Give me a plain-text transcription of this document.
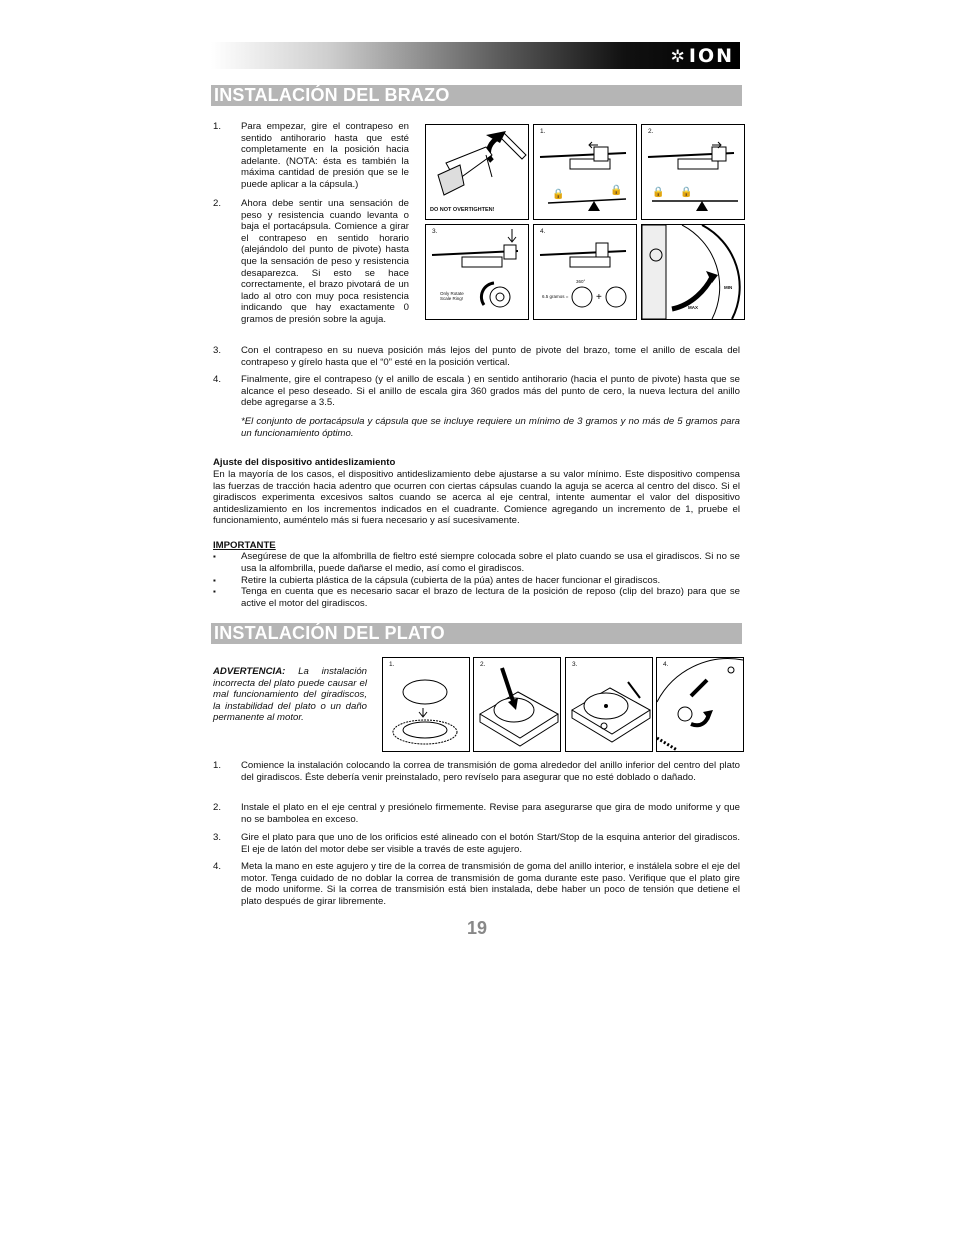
✲ ION
INSTALACIÓN DEL BRAZO
1. Para empezar, gire el contrapeso en sentido antihorario hasta que esté completamente en la posición hacia adelante. (NOTA: ésta es también la máxima cantidad de presión que se le puede aplicar a la cápsula.)
2. Ahora debe sentir una sensación de peso y resistencia cuando levanta o baja el portacápsula. Comience a girar el contrapeso en sentido horario (alejándolo del punto de pivote) hasta que la sensación de peso y resistencia desaparezca. Si esto se hace correctamente, el brazo pivotará de un lado al otro con muy poca resistencia indicando que hay exactamente 0 gramos de presión sobre la aguja.
DO NOT OVERTIGHTEN!
1.
🔒	🔒
2.
🔒 🔒
3.
Only Rotate Scale Ring!
4.
+
6.5 gramos =
360°
MIN
MAX
3. Con el contrapeso en su nueva posición más lejos del punto de pivote del brazo, tome el anillo de escala del contrapeso y gírelo hasta que el “0” esté en la posición vertical.
4. Finalmente, gire el contrapeso (y el anillo de escala ) en sentido antihorario (hacia el punto de pivote) hasta que se alcance el peso deseado. Si el anillo de escala gira 360 grados más del punto de cero, la nueva lectura del anillo debe agregarse a 3.5.
*El conjunto de portacápsula y cápsula que se incluye requiere un mínimo de 3 gramos y no más de 5 gramos para un funcionamiento óptimo.
Ajuste del dispositivo antideslizamiento
En la mayoría de los casos, el dispositivo antideslizamiento debe ajustarse a su valor mínimo. Este dispositivo compensa las fuerzas de tracción hacia adentro que ocurren con ciertas cápsulas cuando la aguja se acerca al centro del disco. Si el giradiscos experimenta excesivos saltos cuando se acerca al eje central, intente aumentar el valor del dispositivo antideslizamiento en los incrementos indicados en el cuadrante. Comience agregando un incremento de 1, pruebe el funcionamiento, auméntelo más si fuera necesario y así sucesivamente.
IMPORTANTE
▪	Asegúrese de que la alfombrilla de fieltro esté siempre colocada sobre el plato cuando se usa el giradiscos. Si no se usa la alfombrilla, puede dañarse el medio, así como el giradiscos.
▪	Retire la cubierta plástica de la cápsula (cubierta de la púa) antes de hacer funcionar el giradiscos.
▪	Tenga en cuenta que es necesario sacar el brazo de lectura de la posición de reposo (clip del brazo) para que se active el motor del giradiscos.
INSTALACIÓN DEL PLATO
ADVERTENCIA: La instalación incorrecta del plato puede causar el mal funcionamiento del giradiscos, la instabilidad del plato o un daño permanente al motor.
1.	2.	3.	4.
1. Comience la instalación colocando la correa de transmisión de goma alrededor del anillo inferior del centro del plato del giradiscos. Éste debería venir preinstalado, pero revíselo para asegurar que no esté doblado o dañado.
2. Instale el plato en el eje central y presiónelo firmemente. Revise para asegurarse que gira de modo uniforme y que no se bambolea en exceso.
3. Gire el plato para que uno de los orificios esté alineado con el botón Start/Stop de la esquina anterior del giradiscos. El eje de latón del motor debe ser visible a través de este agujero.
4. Meta la mano en este agujero y tire de la correa de transmisión de goma del anillo interior, e instálela sobre el eje del motor. Tenga cuidado de no doblar la correa de transmisión de goma durante este paso. Verifique que el plato gire de modo uniforme. Si la correa de transmisión está bien instalada, debe haber un poco de tensión que detiene el plato después de girar libremente.
19
